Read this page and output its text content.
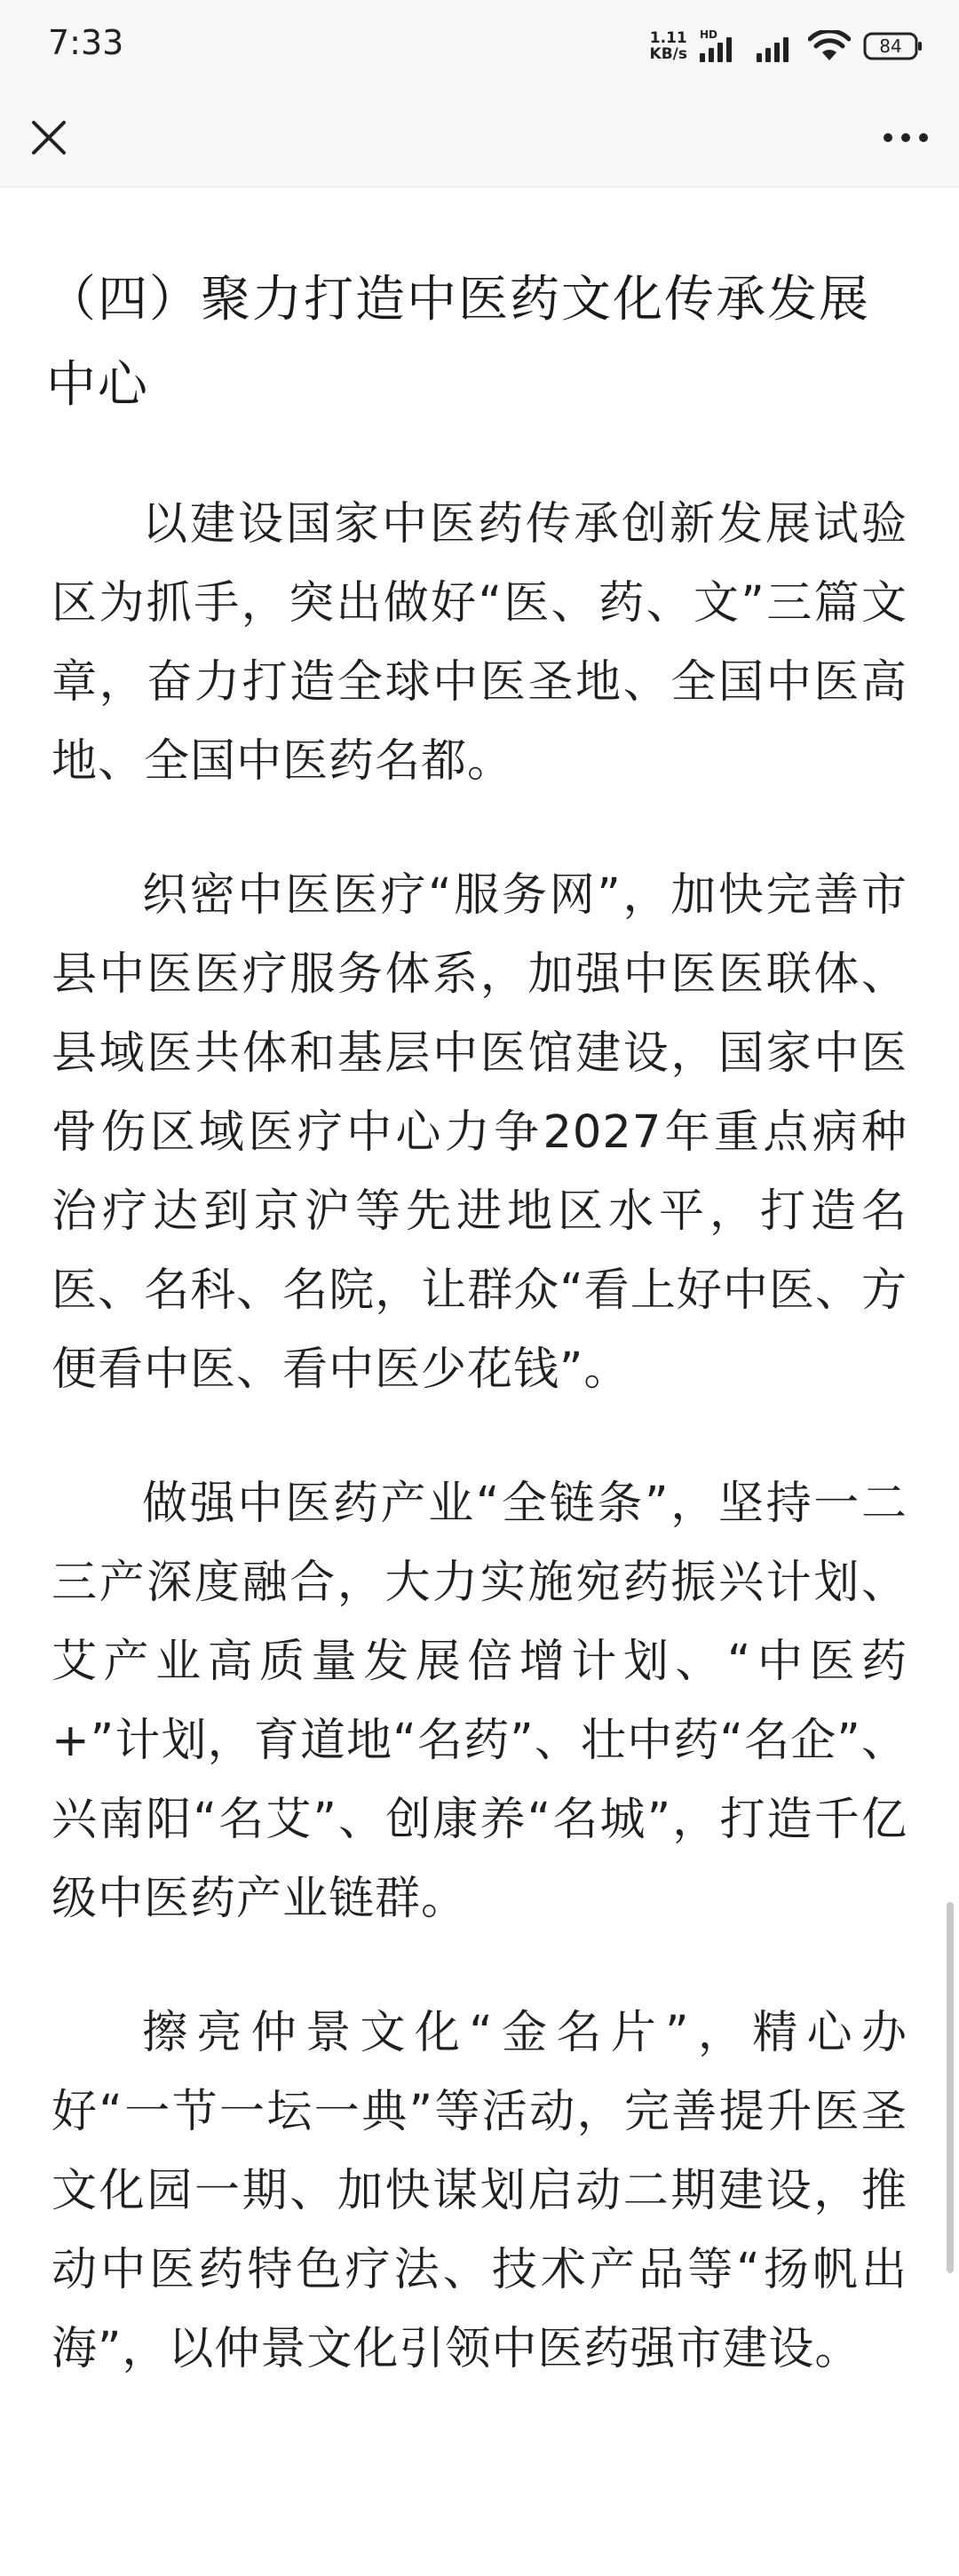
7:33	1.11
KB/s
HD
84
（四）聚力打造中医药文化传承发展中心

以建设国家中医药传承创新发展试验区为抓手，突出做好“医、药、文”三篇文章，奋力打造全球中医圣地、全国中医高地、全国中医药名都。

织密中医医疗“服务网”，加快完善市县中医医疗服务体系，加强中医医联体、县域医共体和基层中医馆建设，国家中医骨伤区域医疗中心力争2027年重点病种治疗达到京沪等先进地区水平，打造名医、名科、名院，让群众“看上好中医、方便看中医、看中医少花钱”。

做强中医药产业“全链条”，坚持一二三产深度融合，大力实施宛药振兴计划、艾产业高质量发展倍增计划、“中医药+”计划，育道地“名药”、壮中药“名企”、兴南阳“名艾”、创康养“名城”，打造千亿级中医药产业链群。

擦亮仲景文化“金名片”，精心办好“一节一坛一典”等活动，完善提升医圣文化园一期、加快谋划启动二期建设，推动中医药特色疗法、技术产品等“扬帆出海”，以仲景文化引领中医药强市建设。
